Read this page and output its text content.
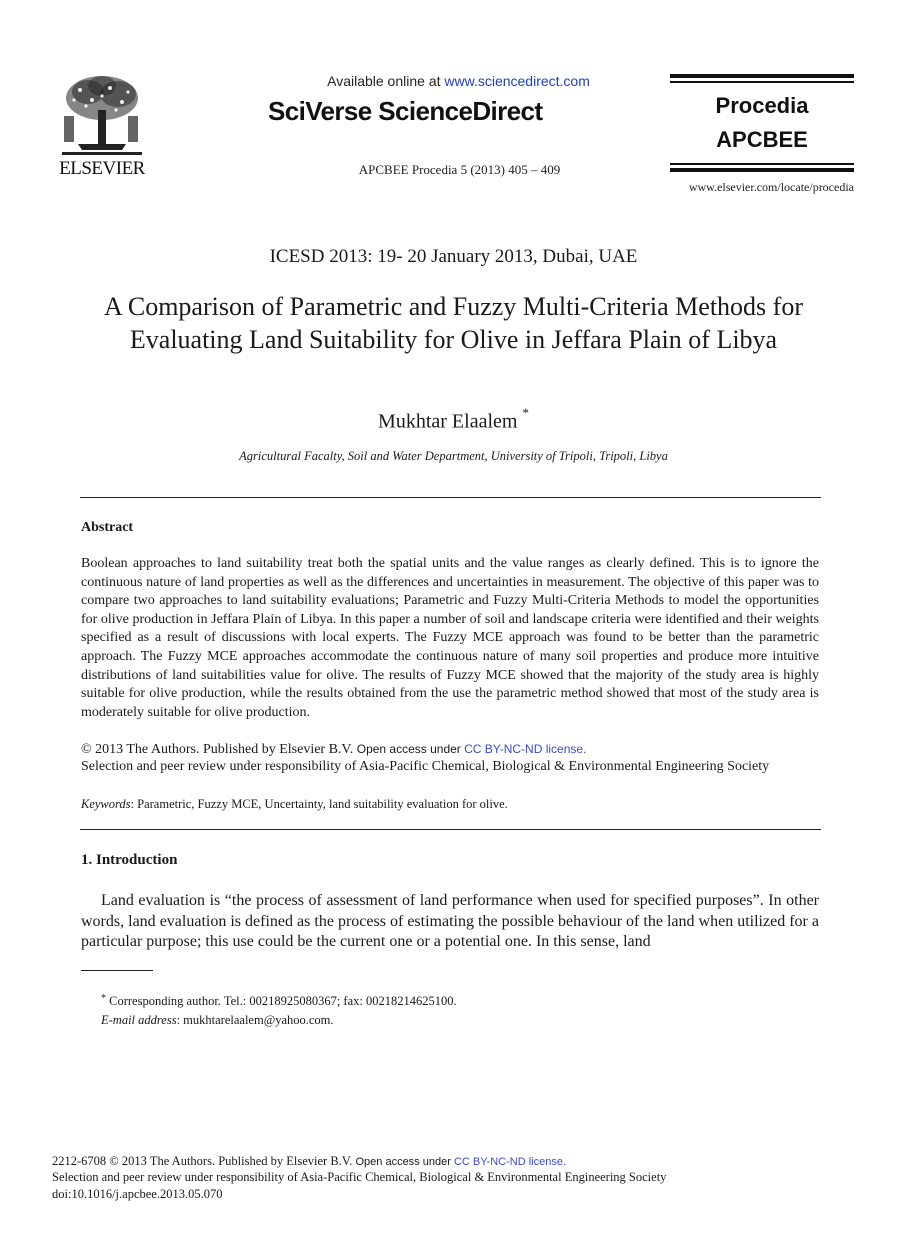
ELSEVIER
Available online at www.sciencedirect.com
SciVerse ScienceDirect
APCBEE Procedia 5 (2013) 405 – 409
Procedia
APCBEE
www.elsevier.com/locate/procedia
ICESD 2013: 19- 20 January 2013, Dubai, UAE
A Comparison of Parametric and Fuzzy Multi-Criteria Methods for Evaluating Land Suitability for Olive in Jeffara Plain of Libya
Mukhtar Elaalem *
Agricultural Facalty, Soil and Water Department, University of Tripoli, Tripoli, Libya
Abstract
Boolean approaches to land suitability treat both the spatial units and the value ranges as clearly defined. This is to ignore the continuous nature of land properties as well as the differences and uncertainties in measurement. The objective of this paper was to compare two approaches to land suitability evaluations; Parametric and Fuzzy Multi-Criteria Methods to model the opportunities for olive production in Jeffara Plain of Libya. In this paper a number of soil and landscape criteria were identified and their weights specified as a result of discussions with local experts. The Fuzzy MCE approach was found to be better than the parametric approach. The Fuzzy MCE approaches accommodate the continuous nature of many soil properties and produce more intuitive distributions of land suitabilities value for olive. The results of Fuzzy MCE showed that the majority of the study area is highly suitable for olive production, while the results obtained from the use the parametric method showed that most of the study area is moderately suitable for olive production.
© 2013 The Authors. Published by Elsevier B.V. Open access under CC BY-NC-ND license.
Selection and peer review under responsibility of Asia-Pacific Chemical, Biological & Environmental Engineering Society
Keywords: Parametric, Fuzzy MCE, Uncertainty, land suitability evaluation for olive.
1. Introduction
Land evaluation is “the process of assessment of land performance when used for specified purposes”. In other words, land evaluation is defined as the process of estimating the possible behaviour of the land when utilized for a particular purpose; this use could be the current one or a potential one. In this sense, land
* Corresponding author. Tel.: 00218925080367; fax: 00218214625100.
E-mail address: mukhtarelaalem@yahoo.com.
2212-6708 © 2013 The Authors. Published by Elsevier B.V. Open access under CC BY-NC-ND license.
Selection and peer review under responsibility of Asia-Pacific Chemical, Biological & Environmental Engineering Society
doi:10.1016/j.apcbee.2013.05.070
